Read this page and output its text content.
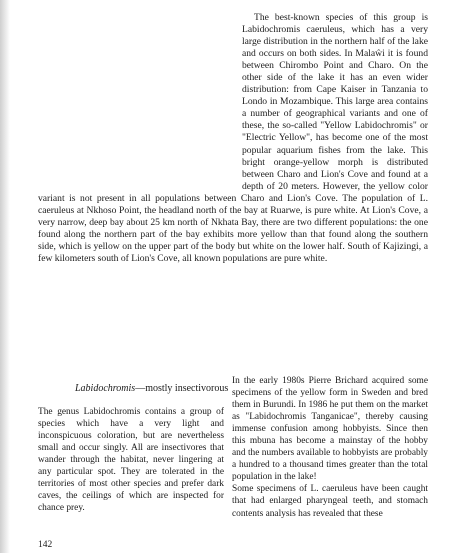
The best-known species of this group is Labidochromis caeruleus, which has a very large distribution in the northern half of the lake and occurs on both sides. In Malaŵi it is found between Chirombo Point and Charo. On the other side of the lake it has an even wider distribution: from Cape Kaiser in Tanzania to Londo in Mozambique. This large area contains a number of geographical variants and one of these, the so-called "Yellow Labidochromis" or "Electric Yellow", has become one of the most popular aquarium fishes from the lake. This bright orange-yellow morph is distributed between Charo and Lion's Cove and found at a depth of 20 meters. However, the yellow color variant is not present in all populations between Charo and Lion's Cove. The population of L. caeruleus at Nkhoso Point, the headland north of the bay at Ruarwe, is pure white. At Lion's Cove, a very narrow, deep bay about 25 km north of Nkhata Bay, there are two different populations: the one found along the northern part of the bay exhibits more yellow than that found along the southern side, which is yellow on the upper part of the body but white on the lower half. South of Kajizingi, a few kilometers south of Lion's Cove, all known populations are pure white.

Labidochromis—mostly insectivorous

The genus Labidochromis contains a group of species which have a very light and inconspicuous coloration, but are nevertheless small and occur singly. All are insectivores that wander through the habitat, never lingering at any particular spot. They are tolerated in the territories of most other species and prefer dark caves, the ceilings of which are inspected for chance prey.

In the early 1980s Pierre Brichard acquired some specimens of the yellow form in Sweden and bred them in Burundi. In 1986 he put them on the market as "Labidochromis Tanganicae", thereby causing immense confusion among hobbyists. Since then this mbuna has become a mainstay of the hobby and the numbers available to hobbyists are probably a hundred to a thousand times greater than the total population in the lake!

Some specimens of L. caeruleus have been caught that had enlarged pharyngeal teeth, and stomach contents analysis has revealed that these

142
